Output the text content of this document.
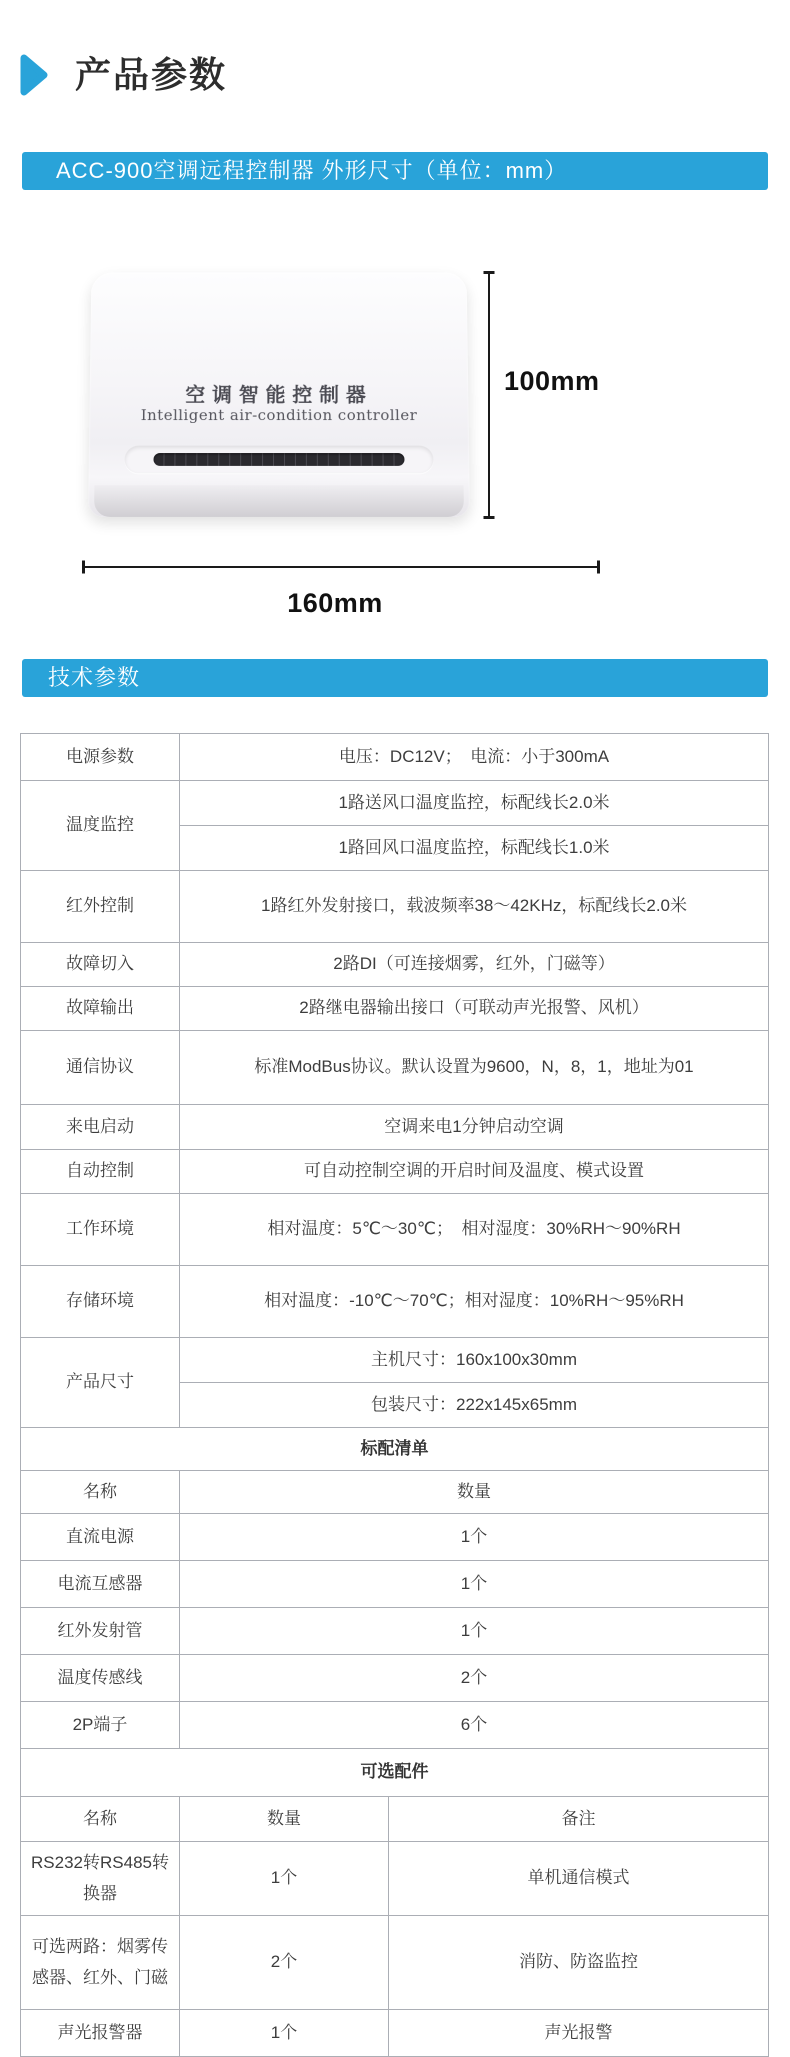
产品参数
ACC-900空调远程控制器 外形尺寸（单位：mm）
空调智能控制器
Intelligent air-condition controller
100mm
160mm
技术参数
电源参数	电压：DC12V；　电流：小于300mA	
温度监控	1路送风口温度监控，标配线长2.0米	
	1路回风口温度监控，标配线长1.0米	
红外控制	1路红外发射接口，载波频率38～42KHz，标配线长2.0米	
故障切入	2路DI（可连接烟雾，红外，门磁等）	
故障输出	2路继电器输出接口（可联动声光报警、风机）	
通信协议	标准ModBus协议。默认设置为9600，N，8，1，地址为01	
来电启动	空调来电1分钟启动空调	
自动控制	可自动控制空调的开启时间及温度、模式设置	
工作环境	相对温度：5℃～30℃；　相对湿度：30%RH～90%RH	
存储环境	相对温度：-10℃～70℃；相对湿度：10%RH～95%RH	
产品尺寸	主机尺寸：160x100x30mm	
	包装尺寸：222x145x65mm	
标配清单		
名称	数量	
直流电源	1个	
电流互感器	1个	
红外发射管	1个	
温度传感线	2个	
2P端子	6个	
可选配件		
名称	数量	备注
RS232转RS485转换器	1个	单机通信模式
可选两路：烟雾传感器、红外、门磁	2个	消防、防盗监控
声光报警器	1个	声光报警
